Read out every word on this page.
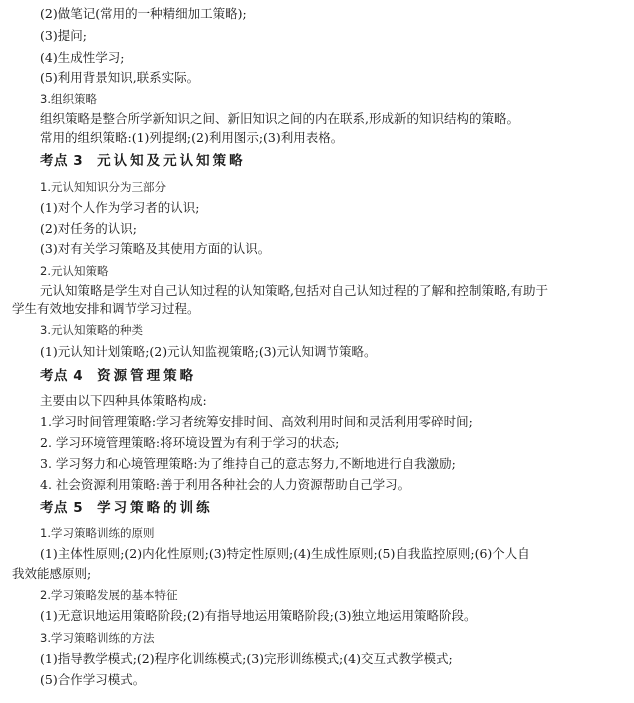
(2)做笔记(常用的一种精细加工策略);
(3)提问;
(4)生成性学习;
(5)利用背景知识,联系实际。
3.组织策略
组织策略是整合所学新知识之间、新旧知识之间的内在联系,形成新的知识结构的策略。
常用的组织策略:(1)列提纲;(2)利用图示;(3)利用表格。
考点 3 元认知及元认知策略
1.元认知知识分为三部分
(1)对个人作为学习者的认识;
(2)对任务的认识;
(3)对有关学习策略及其使用方面的认识。
2.元认知策略
元认知策略是学生对自己认知过程的认知策略,包括对自己认知过程的了解和控制策略,有助于
学生有效地安排和调节学习过程。
3.元认知策略的种类
(1)元认知计划策略;(2)元认知监视策略;(3)元认知调节策略。
考点 4 资源管理策略
主要由以下四种具体策略构成:
1.学习时间管理策略:学习者统筹安排时间、高效利用时间和灵活利用零碎时间;
2. 学习环境管理策略:将环境设置为有利于学习的状态;
3. 学习努力和心境管理策略:为了维持自己的意志努力,不断地进行自我激励;
4. 社会资源利用策略:善于利用各种社会的人力资源帮助自己学习。
考点 5 学习策略的训练
1.学习策略训练的原则
(1)主体性原则;(2)内化性原则;(3)特定性原则;(4)生成性原则;(5)自我监控原则;(6)个人自
我效能感原则;
2.学习策略发展的基本特征
(1)无意识地运用策略阶段;(2)有指导地运用策略阶段;(3)独立地运用策略阶段。
3.学习策略训练的方法
(1)指导教学模式;(2)程序化训练模式;(3)完形训练模式;(4)交互式教学模式;
(5)合作学习模式。
